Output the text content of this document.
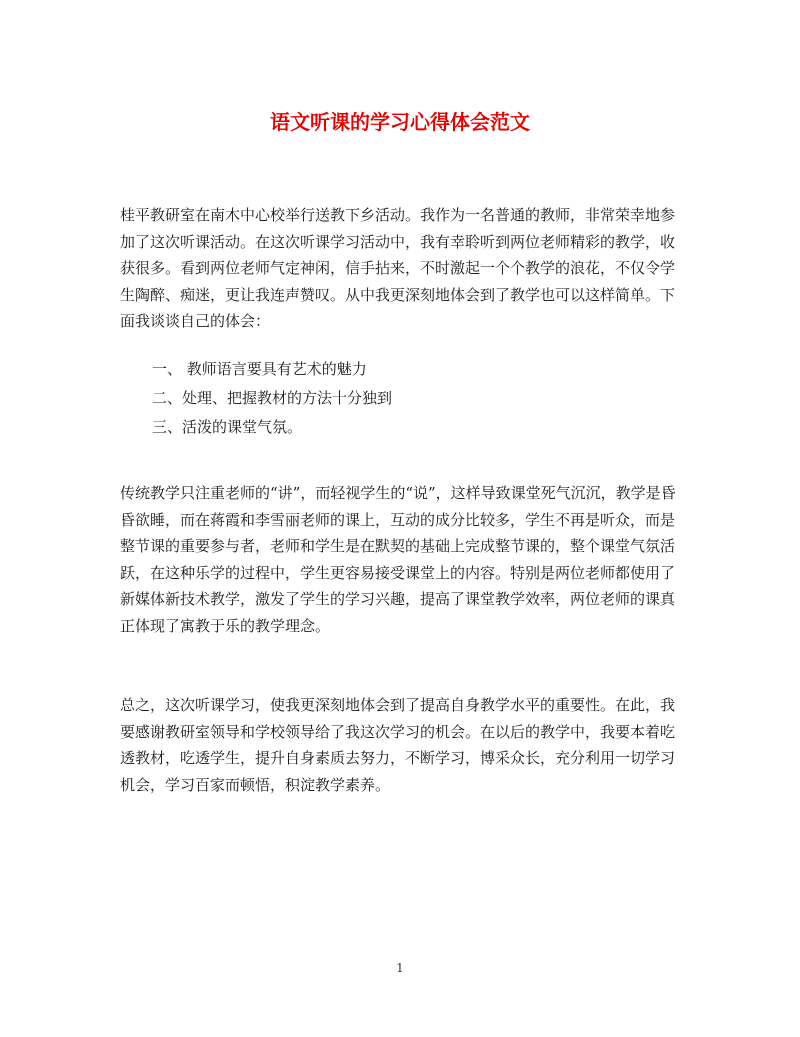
语文听课的学习心得体会范文

桂平教研室在南木中心校举行送教下乡活动。我作为一名普通的教师，非常荣幸地参加了这次听课活动。在这次听课学习活动中，我有幸聆听到两位老师精彩的教学，收获很多。看到两位老师气定神闲，信手拈来，不时激起一个个教学的浪花，不仅令学生陶醉、痴迷，更让我连声赞叹。从中我更深刻地体会到了教学也可以这样简单。下面我谈谈自己的体会：

一、 教师语言要具有艺术的魅力
二、处理、把握教材的方法十分独到
三、活泼的课堂气氛。

传统教学只注重老师的“讲”，而轻视学生的“说”，这样导致课堂死气沉沉，教学是昏昏欲睡，而在蒋霞和李雪丽老师的课上，互动的成分比较多，学生不再是听众，而是整节课的重要参与者，老师和学生是在默契的基础上完成整节课的，整个课堂气氛活跃，在这种乐学的过程中，学生更容易接受课堂上的内容。特别是两位老师都使用了新媒体新技术教学，激发了学生的学习兴趣，提高了课堂教学效率，两位老师的课真正体现了寓教于乐的教学理念。

总之，这次听课学习，使我更深刻地体会到了提高自身教学水平的重要性。在此，我要感谢教研室领导和学校领导给了我这次学习的机会。在以后的教学中，我要本着吃透教材，吃透学生，提升自身素质去努力，不断学习，博采众长，充分利用一切学习机会，学习百家而顿悟，积淀教学素养。

1
